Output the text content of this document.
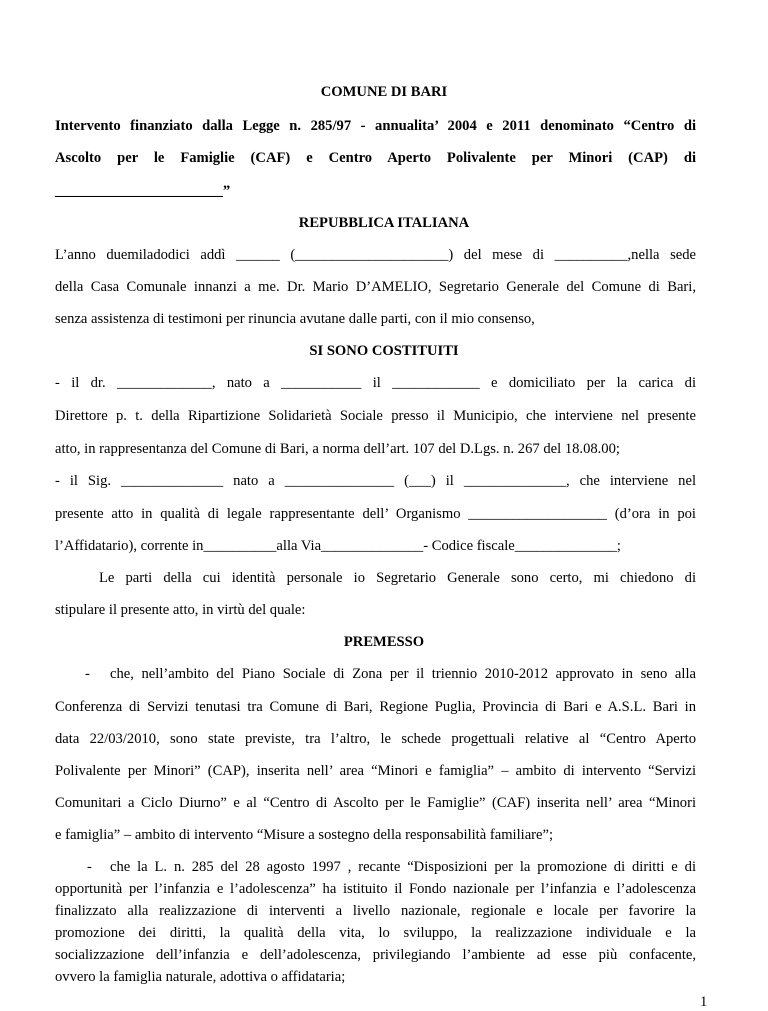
COMUNE DI BARI
Intervento finanziato dalla Legge n. 285/97 - annualita’ 2004 e 2011 denominato “Centro di
Ascolto per le Famiglie (CAF) e Centro Aperto Polivalente per Minori (CAP) di
_______________________”
REPUBBLICA ITALIANA
L’anno duemiladodici addì ______ (_____________________) del mese di __________,nella sede
della Casa Comunale innanzi a me. Dr. Mario D’AMELIO, Segretario Generale del Comune di Bari,
senza assistenza di testimoni per rinuncia avutane dalle parti, con il mio consenso,
SI SONO COSTITUITI
- il dr. _____________, nato a ___________ il ____________ e domiciliato per la carica di
Direttore p. t. della Ripartizione Solidarietà Sociale presso il Municipio, che interviene nel presente
atto, in rappresentanza del Comune di Bari, a norma dell’art. 107 del D.Lgs. n. 267 del 18.08.00;
- il Sig. ______________ nato a _______________ (___) il ______________, che interviene nel
presente atto in qualità di legale rappresentante dell’ Organismo ___________________ (d’ora in poi
l’Affidatario), corrente in__________alla Via______________- Codice fiscale______________;
Le parti della cui identità personale io Segretario Generale sono certo, mi chiedono di
stipulare il presente atto, in virtù del quale:
PREMESSO
- che, nell’ambito del Piano Sociale di Zona per il triennio 2010-2012 approvato in seno alla
Conferenza di Servizi tenutasi tra Comune di Bari, Regione Puglia, Provincia di Bari e A.S.L. Bari in
data 22/03/2010, sono state previste, tra l’altro, le schede progettuali relative al “Centro Aperto
Polivalente per Minori” (CAP), inserita nell’ area “Minori e famiglia” – ambito di intervento “Servizi
Comunitari a Ciclo Diurno” e al “Centro di Ascolto per le Famiglie” (CAF) inserita nell’ area “Minori
e famiglia” – ambito di intervento “Misure a sostegno della responsabilità familiare”;
- che la L. n. 285 del 28 agosto 1997 , recante “Disposizioni per la promozione di diritti e di
opportunità per l’infanzia e l’adolescenza” ha istituito il Fondo nazionale per l’infanzia e l’adolescenza
1
finalizzato alla realizzazione di interventi a livello nazionale, regionale e locale per favorire la
promozione dei diritti, la qualità della vita, lo sviluppo, la realizzazione individuale e la
socializzazione dell’infanzia e dell’adolescenza, privilegiando l’ambiente ad esse più confacente,
ovvero la famiglia naturale, adottiva o affidataria;
